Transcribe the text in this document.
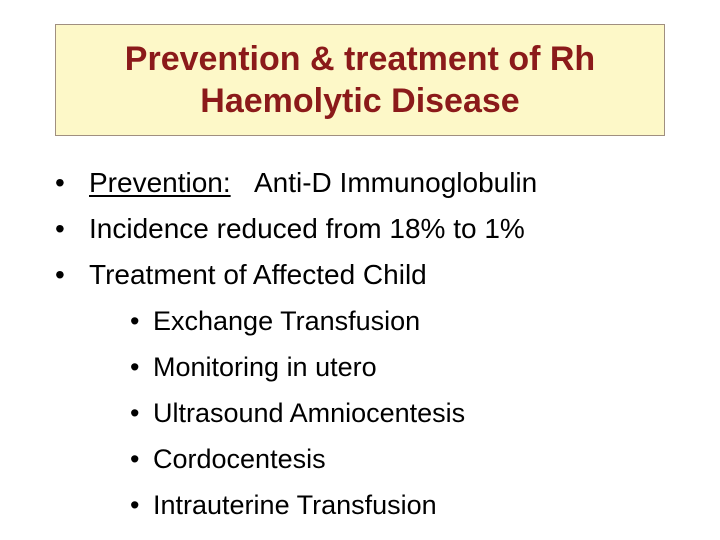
Prevention & treatment of Rh
Haemolytic Disease
• Prevention: Anti-D Immunoglobulin
• Incidence reduced from 18% to 1%
• Treatment of Affected Child
• Exchange Transfusion
• Monitoring in utero
• Ultrasound Amniocentesis
• Cordocentesis
• Intrauterine Transfusion
